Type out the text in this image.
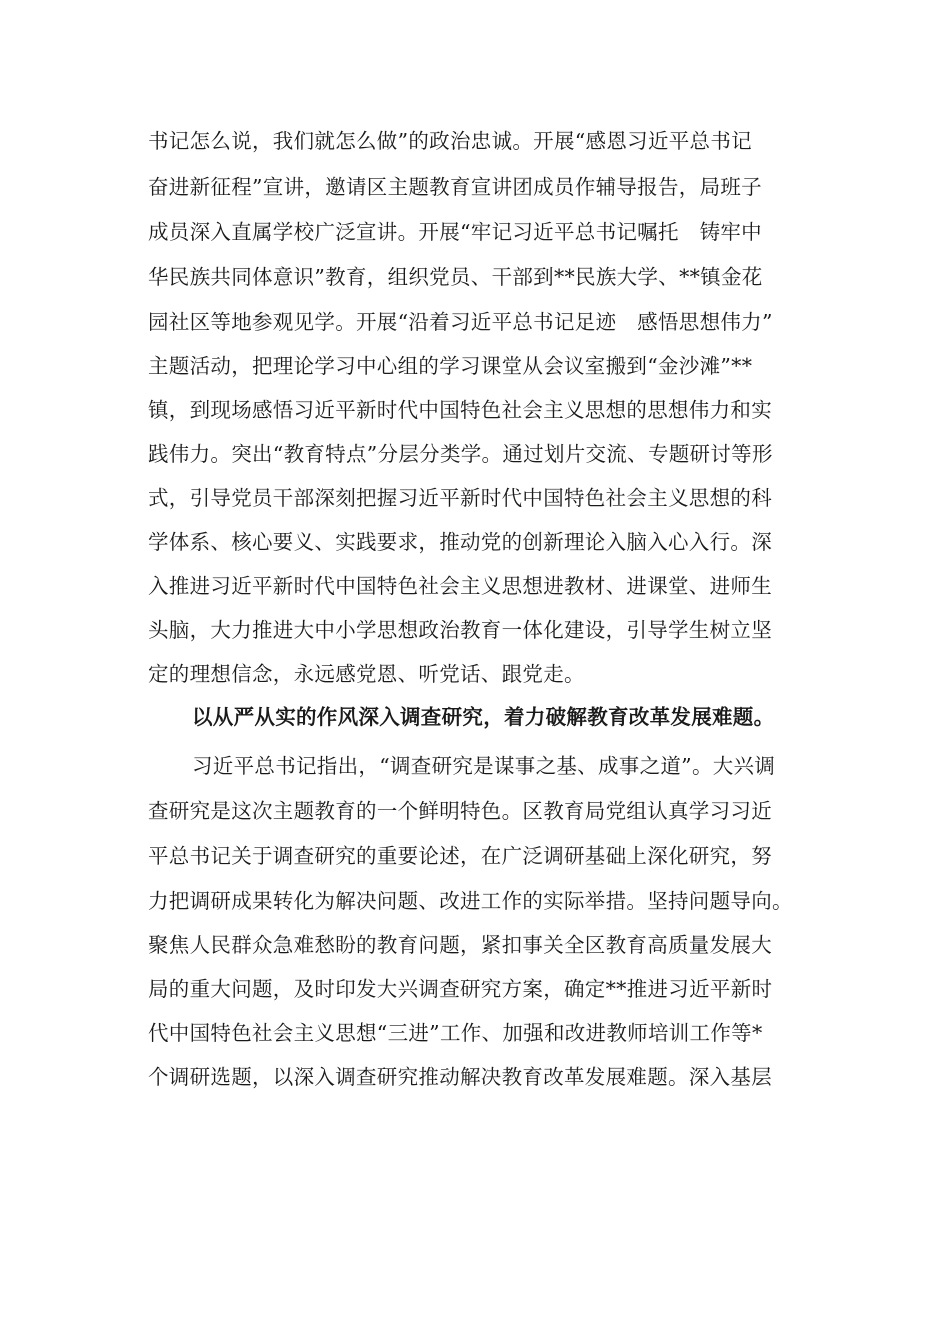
书记怎么说，我们就怎么做”的政治忠诚。开展“感恩习近平总书记
奋进新征程”宣讲，邀请区主题教育宣讲团成员作辅导报告，局班子
成员深入直属学校广泛宣讲。开展“牢记习近平总书记嘱托　铸牢中
华民族共同体意识”教育，组织党员、干部到**民族大学、**镇金花
园社区等地参观见学。开展“沿着习近平总书记足迹　感悟思想伟力”
主题活动，把理论学习中心组的学习课堂从会议室搬到“金沙滩”**
镇，到现场感悟习近平新时代中国特色社会主义思想的思想伟力和实
践伟力。突出“教育特点”分层分类学。通过划片交流、专题研讨等形
式，引导党员干部深刻把握习近平新时代中国特色社会主义思想的科
学体系、核心要义、实践要求，推动党的创新理论入脑入心入行。深
入推进习近平新时代中国特色社会主义思想进教材、进课堂、进师生
头脑，大力推进大中小学思想政治教育一体化建设，引导学生树立坚
定的理想信念，永远感党恩、听党话、跟党走。
以从严从实的作风深入调查研究，着力破解教育改革发展难题。
习近平总书记指出，“调查研究是谋事之基、成事之道”。大兴调
查研究是这次主题教育的一个鲜明特色。区教育局党组认真学习习近
平总书记关于调查研究的重要论述，在广泛调研基础上深化研究，努
力把调研成果转化为解决问题、改进工作的实际举措。坚持问题导向。
聚焦人民群众急难愁盼的教育问题，紧扣事关全区教育高质量发展大
局的重大问题，及时印发大兴调查研究方案，确定**推进习近平新时
代中国特色社会主义思想“三进”工作、加强和改进教师培训工作等*
个调研选题，以深入调查研究推动解决教育改革发展难题。深入基层
